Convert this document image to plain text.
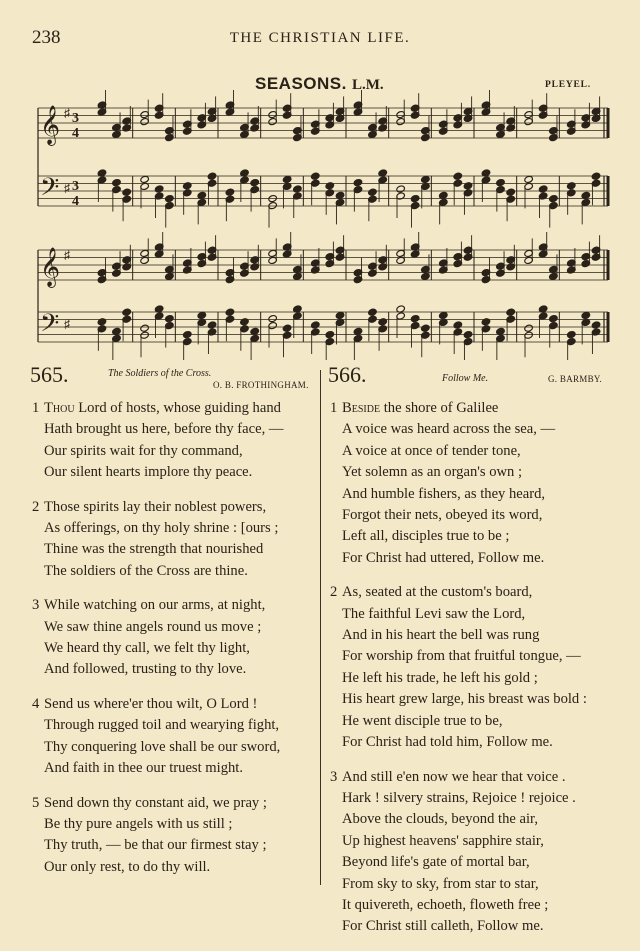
238	THE CHRISTIAN LIFE.
SEASONS. L.M.	PLEYEL.
𝄞
𝄢
♯
♯
3
4
3
4
𝄞
𝄢
♯
♯
565.	The Soldiers of the Cross.
O. B. FROTHINGHAM.
1 Thou Lord of hosts, whose guiding hand
Hath brought us here, before thy face, —
Our spirits wait for thy command,
Our silent hearts implore thy peace.
2 Those spirits lay their noblest powers,
As offerings, on thy holy shrine : [ours ;
Thine was the strength that nourished
The soldiers of the Cross are thine.
3 While watching on our arms, at night,
We saw thine angels round us move ;
We heard thy call, we felt thy light,
And followed, trusting to thy love.
4 Send us where'er thou wilt, O Lord !
Through rugged toil and wearying fight,
Thy conquering love shall be our sword,
And faith in thee our truest might.
5 Send down thy constant aid, we pray ;
Be thy pure angels with us still ;
Thy truth, — be that our firmest stay ;
Our only rest, to do thy will.
566.	Follow Me.	G. BARMBY.
1 Beside the shore of Galilee
A voice was heard across the sea, —
A voice at once of tender tone,
Yet solemn as an organ's own ;
And humble fishers, as they heard,
Forgot their nets, obeyed its word,
Left all, disciples true to be ;
For Christ had uttered, Follow me.
2 As, seated at the custom's board,
The faithful Levi saw the Lord,
And in his heart the bell was rung
For worship from that fruitful tongue, —
He left his trade, he left his gold ;
His heart grew large, his breast was bold :
He went disciple true to be,
For Christ had told him, Follow me.
3 And still e'en now we hear that voice .
Hark ! silvery strains, Rejoice ! rejoice .
Above the clouds, beyond the air,
Up highest heavens' sapphire stair,
Beyond life's gate of mortal bar,
From sky to sky, from star to star,
It quivereth, echoeth, floweth free ;
For Christ still calleth, Follow me.
